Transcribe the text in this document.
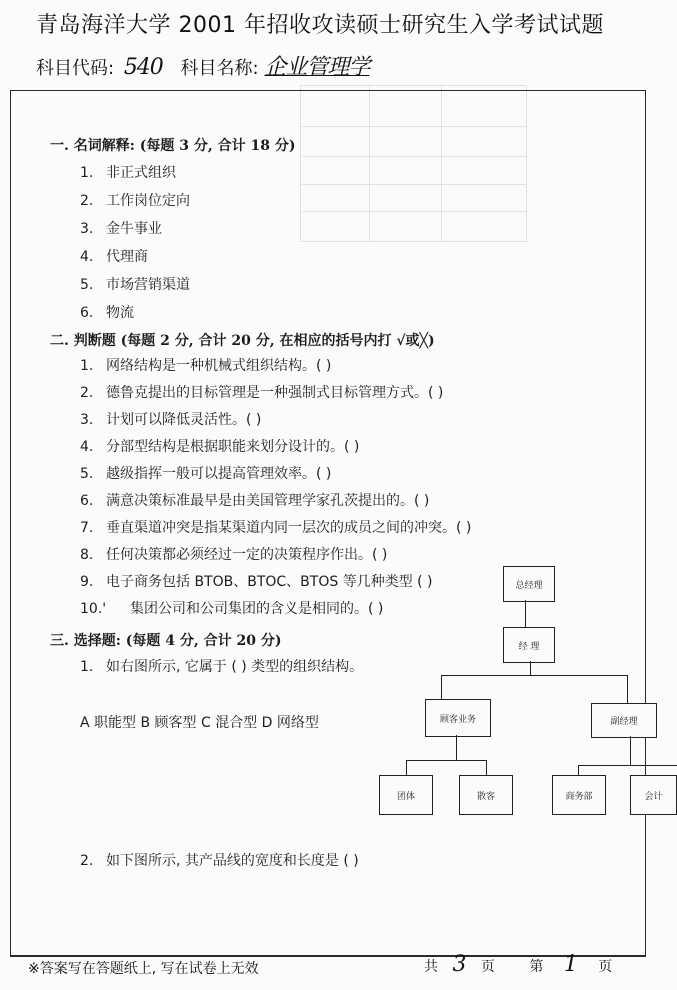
青岛海洋大学 2001 年招收攻读硕士研究生入学考试试题
科目代码: 540 科目名称: 企业管理学
一. 名词解释: (每题 3 分, 合计 18 分)
1. 非正式组织
2. 工作岗位定向
3. 金牛事业
4. 代理商
5. 市场营销渠道
6. 物流
二. 判断题 (每题 2 分, 合计 20 分, 在相应的括号内打 √或╳)
1. 网络结构是一种机械式组织结构。( )
2. 德鲁克提出的目标管理是一种强制式目标管理方式。( )
3. 计划可以降低灵活性。( )
4. 分部型结构是根据职能来划分设计的。( )
5. 越级指挥一般可以提高管理效率。( )
6. 满意决策标准最早是由美国管理学家孔茨提出的。( )
7. 垂直渠道冲突是指某渠道内同一层次的成员之间的冲突。( )
8. 任何决策都必须经过一定的决策程序作出。( )
9. 电子商务包括 BTOB、BTOC、BTOS 等几种类型 ( )
10.' 集团公司和公司集团的含义是相同的。( )
三. 选择题: (每题 4 分, 合计 20 分)
1. 如右图所示, 它属于 ( ) 类型的组织结构。
A 职能型 B 顾客型 C 混合型 D 网络型
2. 如下图所示, 其产品线的宽度和长度是 ( )
总经理
经 理
顾客业务	副经理
团体	散客	商务部	会计
※答案写在答题纸上, 写在试卷上无效	共 3 页 第 1 页
